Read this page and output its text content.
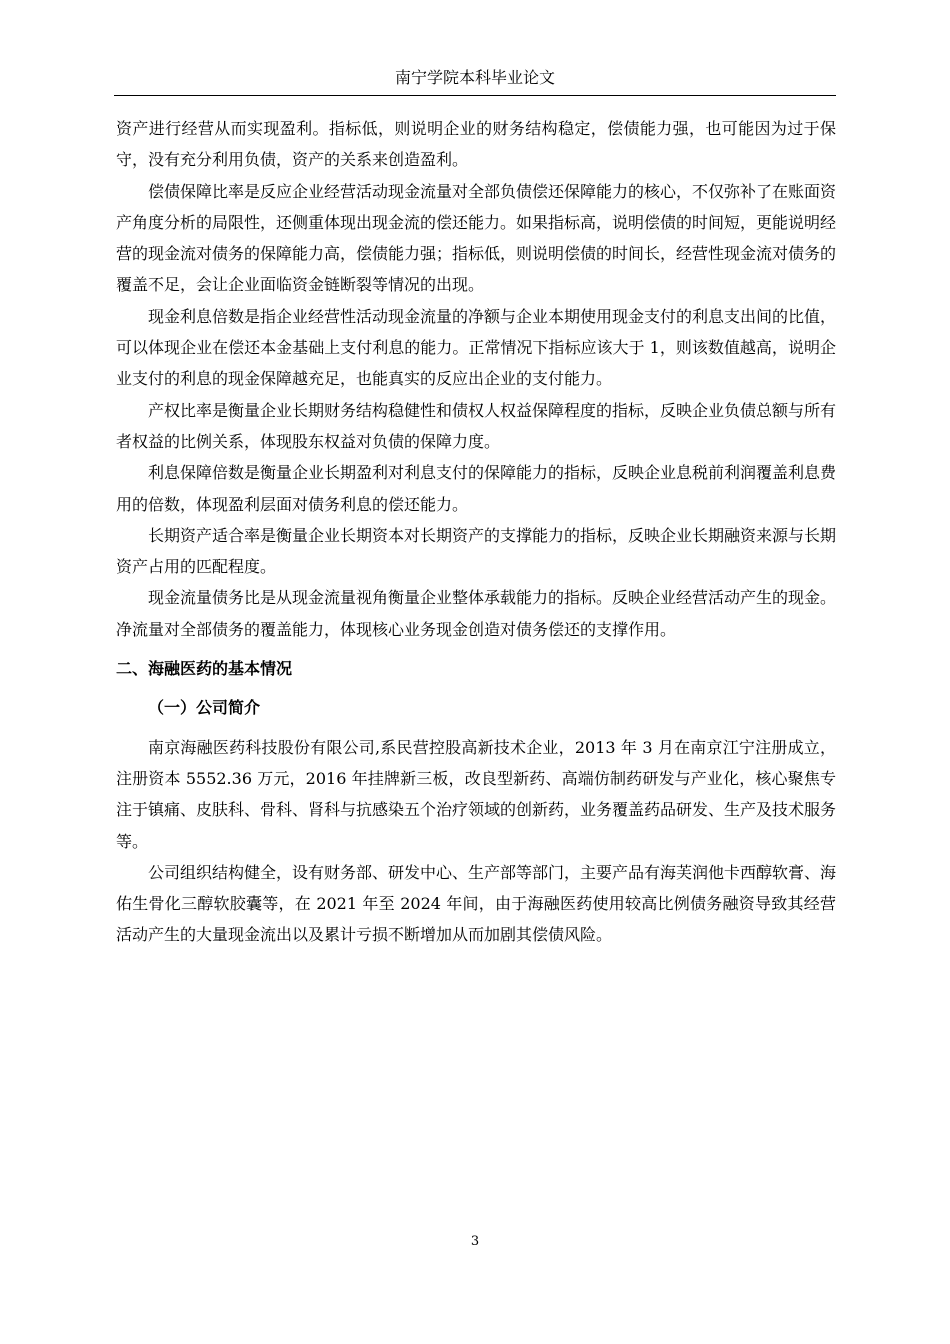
南宁学院本科毕业论文

资产进行经营从而实现盈利。指标低，则说明企业的财务结构稳定，偿债能力强，也可能因为过于保守，没有充分利用负债，资产的关系来创造盈利。

偿债保障比率是反应企业经营活动现金流量对全部负债偿还保障能力的核心，不仅弥补了在账面资产角度分析的局限性，还侧重体现出现金流的偿还能力。如果指标高，说明偿债的时间短，更能说明经营的现金流对债务的保障能力高，偿债能力强；指标低，则说明偿债的时间长，经营性现金流对债务的覆盖不足，会让企业面临资金链断裂等情况的出现。

现金利息倍数是指企业经营性活动现金流量的净额与企业本期使用现金支付的利息支出间的比值，可以体现企业在偿还本金基础上支付利息的能力。正常情况下指标应该大于 1，则该数值越高，说明企业支付的利息的现金保障越充足，也能真实的反应出企业的支付能力。

产权比率是衡量企业长期财务结构稳健性和债权人权益保障程度的指标，反映企业负债总额与所有者权益的比例关系，体现股东权益对负债的保障力度。

利息保障倍数是衡量企业长期盈利对利息支付的保障能力的指标，反映企业息税前利润覆盖利息费用的倍数，体现盈利层面对债务利息的偿还能力。

长期资产适合率是衡量企业长期资本对长期资产的支撑能力的指标，反映企业长期融资来源与长期资产占用的匹配程度。

现金流量债务比是从现金流量视角衡量企业整体承载能力的指标。反映企业经营活动产生的现金。净流量对全部债务的覆盖能力，体现核心业务现金创造对债务偿还的支撑作用。

二、海融医药的基本情况
（一）公司简介

南京海融医药科技股份有限公司,系民营控股高新技术企业，2013 年 3 月在南京江宁注册成立，注册资本 5552.36 万元，2016 年挂牌新三板，改良型新药、高端仿制药研发与产业化，核心聚焦专注于镇痛、皮肤科、骨科、肾科与抗感染五个治疗领域的创新药，业务覆盖药品研发、生产及技术服务等。

公司组织结构健全，设有财务部、研发中心、生产部等部门，主要产品有海芙润他卡西醇软膏、海佑生骨化三醇软胶囊等，在 2021 年至 2024 年间，由于海融医药使用较高比例债务融资导致其经营活动产生的大量现金流出以及累计亏损不断增加从而加剧其偿债风险。

3
